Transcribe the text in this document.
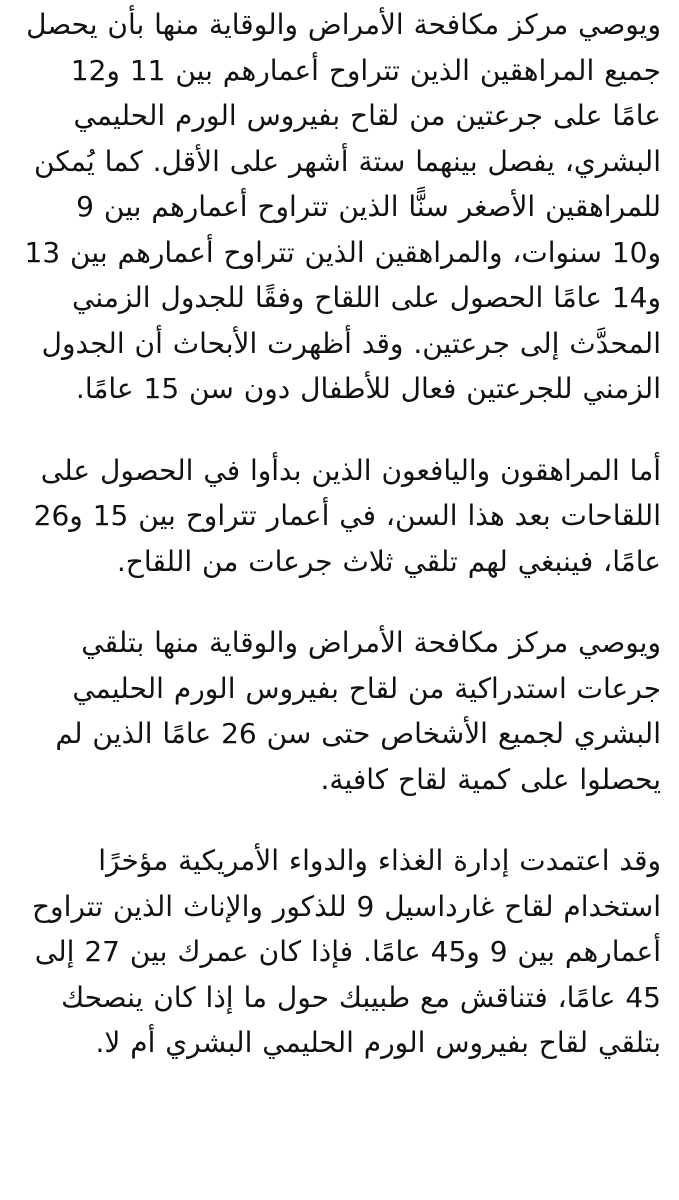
ويوصي مركز مكافحة الأمراض والوقاية منها بأن يحصل جميع المراهقين الذين تتراوح أعمارهم بين 11 و12 عامًا على جرعتين من لقاح بفيروس الورم الحليمي البشري، يفصل بينهما ستة أشهر على الأقل. كما يُمكن للمراهقين الأصغر سنًّا الذين تتراوح أعمارهم بين 9 و10 سنوات، والمراهقين الذين تتراوح أعمارهم بين 13 و14 عامًا الحصول على اللقاح وفقًا للجدول الزمني المحدَّث إلى جرعتين. وقد أظهرت الأبحاث أن الجدول الزمني للجرعتين فعال للأطفال دون سن 15 عامًا.

أما المراهقون واليافعون الذين بدأوا في الحصول على اللقاحات بعد هذا السن، في أعمار تتراوح بين 15 و26 عامًا، فينبغي لهم تلقي ثلاث جرعات من اللقاح.

ويوصي مركز مكافحة الأمراض والوقاية منها بتلقي جرعات استدراكية من لقاح بفيروس الورم الحليمي البشري لجميع الأشخاص حتى سن 26 عامًا الذين لم يحصلوا على كمية لقاح كافية.

وقد اعتمدت إدارة الغذاء والدواء الأمريكية مؤخرًا استخدام لقاح غارداسيل 9 للذكور والإناث الذين تتراوح أعمارهم بين 9 و45 عامًا. فإذا كان عمرك بين 27 إلى 45 عامًا، فتناقش مع طبيبك حول ما إذا كان ينصحك بتلقي لقاح بفيروس الورم الحليمي البشري أم لا.
